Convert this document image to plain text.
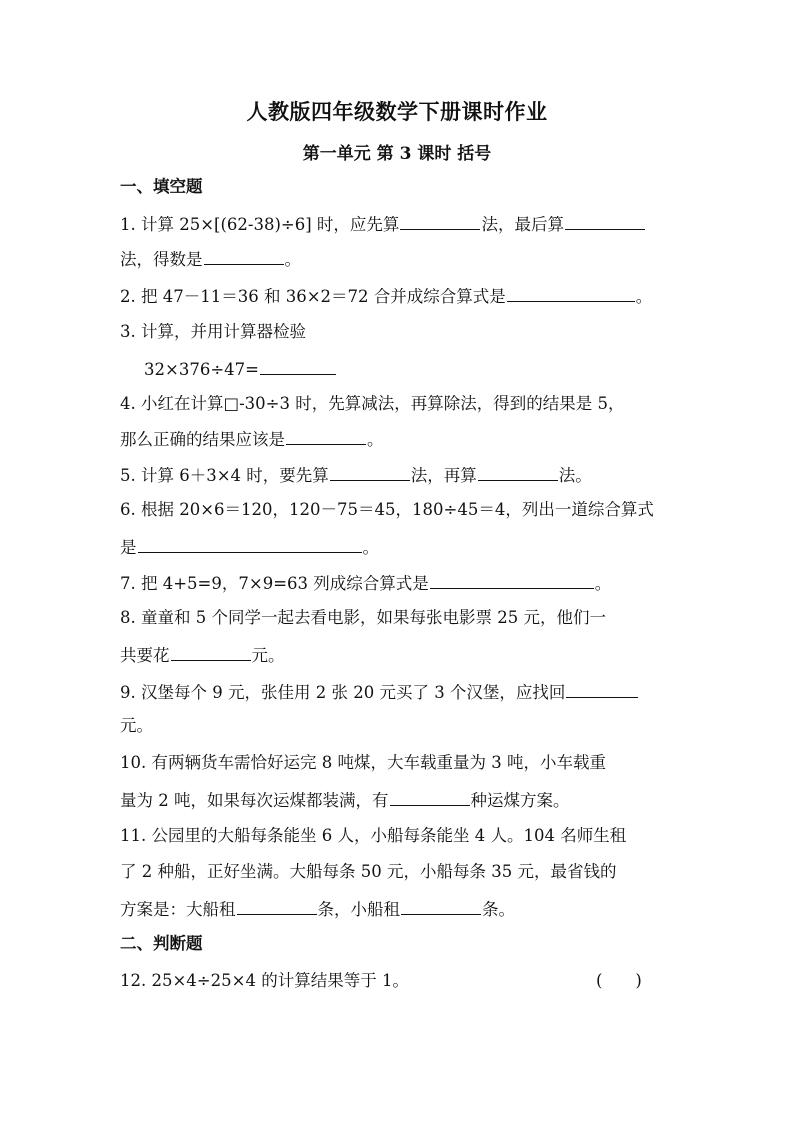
人教版四年级数学下册课时作业
第一单元 第 3 课时 括号
一、填空题
1. 计算 25×[(62-38)÷6] 时，应先算	法，最后算
法，得数是	。
2. 把 47－11＝36 和 36×2＝72 合并成综合算式是	。
3. 计算，并用计算器检验
32×376÷47=
4. 小红在计算□-30÷3 时，先算减法，再算除法，得到的结果是 5，
那么正确的结果应该是	。
5. 计算 6＋3×4 时，要先算	法，再算	法。
6. 根据 20×6＝120，120－75＝45，180÷45＝4，列出一道综合算式
是	。
7. 把 4+5=9，7×9=63 列成综合算式是	。
8. 童童和 5 个同学一起去看电影，如果每张电影票 25 元，他们一
共要花	元。
9. 汉堡每个 9 元，张佳用 2 张 20 元买了 3 个汉堡，应找回
元。
10. 有两辆货车需恰好运完 8 吨煤，大车载重量为 3 吨，小车载重
量为 2 吨，如果每次运煤都装满，有	种运煤方案。
11. 公园里的大船每条能坐 6 人，小船每条能坐 4 人。104 名师生租
了 2 种船，正好坐满。大船每条 50 元，小船每条 35 元，最省钱的
方案是：大船租	条，小船租	条。
二、判断题
12. 25×4÷25×4 的计算结果等于 1。	(　　)
